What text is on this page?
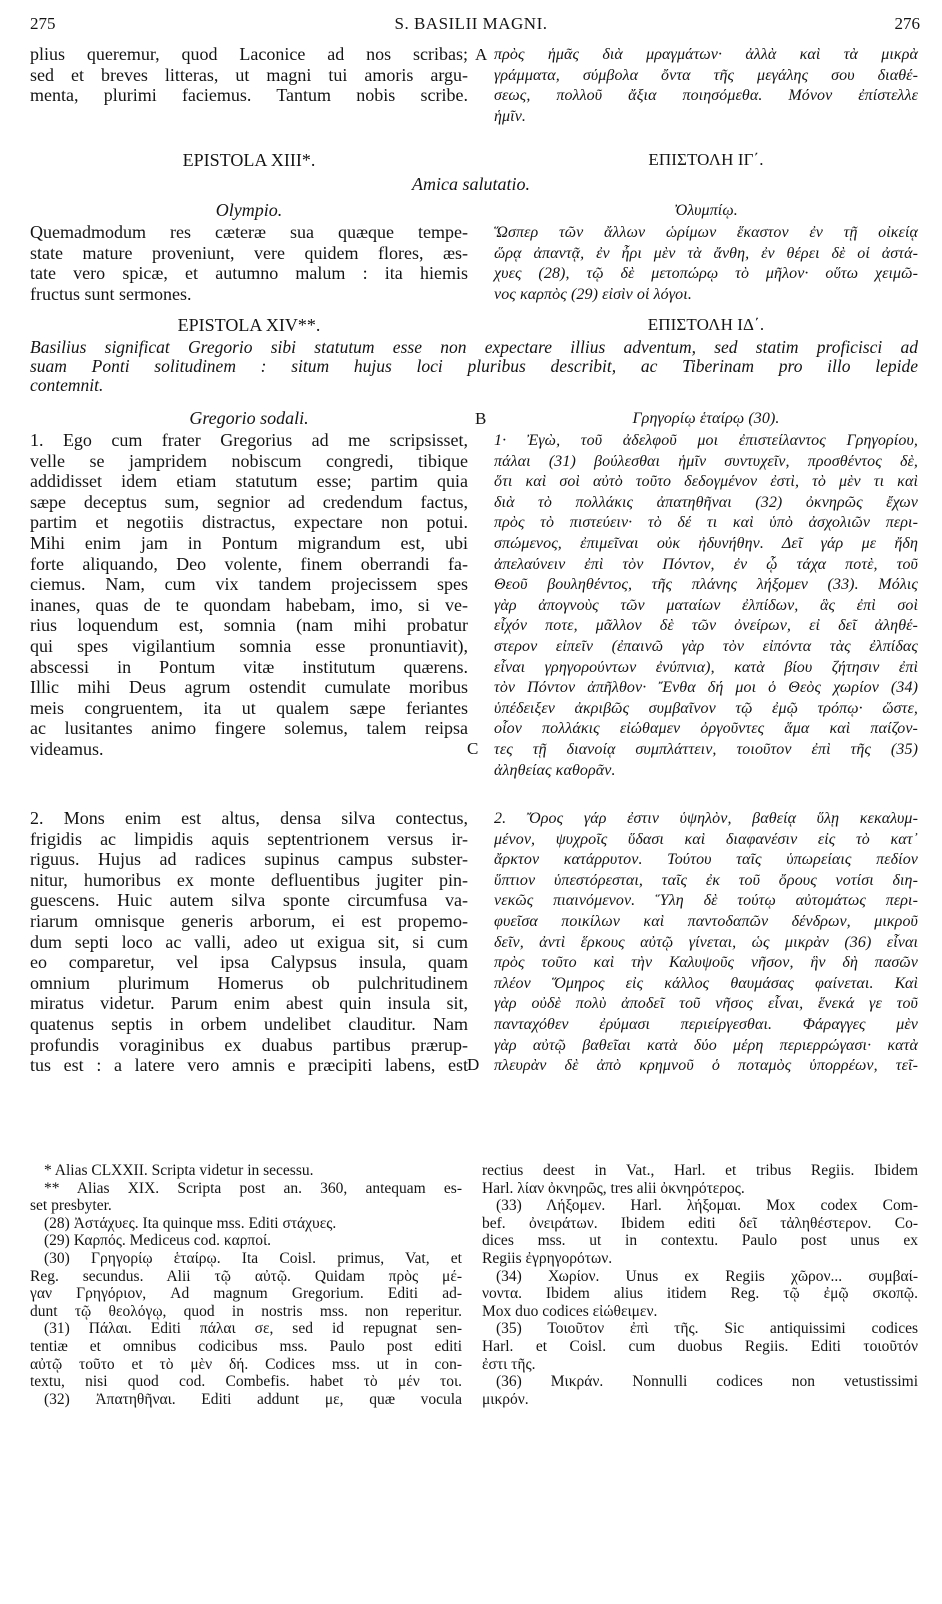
275	S. BASILII MAGNI.	276
plius queremur, quod Laconice ad nos scribas;
sed et breves litteras, ut magni tui amoris argu-
menta, plurimi faciemus. Tantum nobis scribe.
A πρὸς ἡμᾶς διὰ μραγμάτων· ἀλλὰ καὶ τὰ μικρὰ
γράμματα, σύμβολα ὄντα τῆς μεγάλης σου διαθέ-
σεως, πολλοῦ ἄξια ποιησόμεθα. Μόνον ἐπίστελλε
ἡμῖν.
EPISTOLA XIII*.	ΕΠΙΣΤΟΛΗ ΙΓ΄.
Amica salutatio.
Olympio.	Ὀλυμπίῳ.
Quemadmodum res cæteræ sua quæque tempe-
state mature proveniunt, vere quidem flores, æs-
tate vero spicæ, et autumno malum : ita hiemis
fructus sunt sermones.
Ὥσπερ τῶν ἄλλων ὡρίμων ἕκαστον ἐν τῇ οἰκείᾳ
ὥρᾳ ἀπαντᾷ, ἐν ἦρι μὲν τὰ ἄνθη, ἐν θέρει δὲ οἱ ἀστά-
χυες (28), τῷ δὲ μετοπώρῳ τὸ μῆλον· οὕτω χειμῶ-
νος καρπὸς (29) εἰσὶν οἱ λόγοι.
EPISTOLA XIV**.	ΕΠΙΣΤΟΛΗ ΙΔ΄.
Basilius significat Gregorio sibi statutum esse non expectare illius adventum, sed statim proficisci ad
suam Ponti solitudinem : situm hujus loci pluribus describit, ac Tiberinam pro illo lepide
contemnit.
Gregorio sodali.	B	Γρηγορίῳ ἑταίρῳ (30).
1. Ego cum frater Gregorius ad me scripsisset,
velle se jampridem nobiscum congredi, tibique
addidisset idem etiam statutum esse; partim quia
sæpe deceptus sum, segnior ad credendum factus,
partim et negotiis distractus, expectare non potui.
Mihi enim jam in Pontum migrandum est, ubi
forte aliquando, Deo volente, finem oberrandi fa-
ciemus. Nam, cum vix tandem projecissem spes
inanes, quas de te quondam habebam, imo, si ve-
rius loquendum est, somnia (nam mihi probatur
qui spes vigilantium somnia esse pronuntiavit),
abscessi in Pontum vitæ institutum quærens.
Illic mihi Deus agrum ostendit cumulate moribus
meis congruentem, ita ut qualem sæpe feriantes
ac lusitantes animo fingere solemus, talem reipsa
videamus.	C
1· Ἐγὼ, τοῦ ἀδελφοῦ μοι ἐπιστείλαντος Γρηγορίου,
πάλαι (31) βούλεσθαι ἡμῖν συντυχεῖν, προσθέντος δὲ,
ὅτι καὶ σοὶ αὐτὸ τοῦτο δεδογμένον ἐστὶ, τὸ μὲν τι καὶ
διὰ τὸ πολλάκις ἀπατηθῆναι (32) ὀκνηρῶς ἔχων
πρὸς τὸ πιστεύειν· τὸ δέ τι καὶ ὑπὸ ἀσχολιῶν περι-
σπώμενος, ἐπιμεῖναι οὐκ ἠδυνήθην. Δεῖ γάρ με ἤδη
ἀπελαύνειν ἐπὶ τὸν Πόντον, ἐν ᾧ τάχα ποτὲ, τοῦ
Θεοῦ βουληθέντος, τῆς πλάνης λήξομεν (33). Μόλις
γὰρ ἀπογνοὺς τῶν ματαίων ἐλπίδων, ἃς ἐπὶ σοὶ
εἶχόν ποτε, μᾶλλον δὲ τῶν ὀνείρων, εἰ δεῖ ἀληθέ-
στερον εἰπεῖν (ἐπαινῶ γὰρ τὸν εἰπόντα τὰς ἐλπίδας
εἶναι γρηγορούντων ἐνύπνια), κατὰ βίου ζήτησιν ἐπὶ
τὸν Πόντον ἀπῆλθον· Ἔνθα δή μοι ὁ Θεὸς χωρίον (34)
ὑπέδειξεν ἀκριβῶς συμβαῖνον τῷ ἐμῷ τρόπῳ· ὥστε,
οἷον πολλάκις εἰώθαμεν ὀργοῦντες ἅμα καὶ παίζον-
τες τῇ διανοίᾳ συμπλάττειν, τοιοῦτον ἐπὶ τῆς (35)
ἀληθείας καθορᾶν.
2. Mons enim est altus, densa silva contectus,
frigidis ac limpidis aquis septentrionem versus ir-
riguus. Hujus ad radices supinus campus subster-
nitur, humoribus ex monte defluentibus jugiter pin-
guescens. Huic autem silva sponte circumfusa va-
riarum omnisque generis arborum, ei est propemo-
dum septi loco ac valli, adeo ut exigua sit, si cum
eo comparetur, vel ipsa Calypsus insula, quam
omnium plurimum Homerus ob pulchritudinem
miratus videtur. Parum enim abest quin insula sit,
quatenus septis in orbem undelibet clauditur. Nam
profundis voraginibus ex duabus partibus prærup-
tus est : a latere vero amnis e præcipiti labens, est D
2. Ὄρος γάρ ἐστιν ὑψηλὸν, βαθείᾳ ὕλῃ κεκαλυμ-
μένον, ψυχροῖς ὕδασι καὶ διαφανέσιν εἰς τὸ κατ᾽
ἄρκτον κατάρρυτον. Τούτου ταῖς ὑπωρείαις πεδίον
ὕπτιον ὑπεστόρεσται, ταῖς ἐκ τοῦ ὄρους νοτίσι διη-
νεκῶς πιαινόμενον. Ὕλη δὲ τούτῳ αὐτομάτως περι-
φυεῖσα ποικίλων καὶ παντοδαπῶν δένδρων, μικροῦ
δεῖν, ἀντὶ ἕρκους αὐτῷ γίνεται, ὡς μικρὰν (36) εἶναι
πρὸς τοῦτο καὶ τὴν Καλυψοῦς νῆσον, ἣν δὴ πασῶν
πλέον Ὅμηρος εἰς κάλλος θαυμάσας φαίνεται. Καὶ
γὰρ οὐδὲ πολὺ ἀποδεῖ τοῦ νῆσος εἶναι, ἕνεκά γε τοῦ
πανταχόθεν ἐρύμασι περιείργεσθαι. Φάραγγες μὲν
γὰρ αὐτῷ βαθεῖαι κατὰ δύο μέρη περιερρώγασι· κατὰ
πλευρὰν δὲ ἀπὸ κρημνοῦ ὁ ποταμὸς ὑπορρέων, τεῖ-

* Alias CLXXII. Scripta videtur in secessu.

** Alias XIX. Scripta post an. 360, antequam es-

set presbyter.

(28) Ἀστάχυες. Ita quinque mss. Editi στάχυες.

(29) Καρπός. Mediceus cod. καρποί.

(30) Γρηγορίῳ ἑταίρῳ. Ita Coisl. primus, Vat, et

Reg. secundus. Alii τῷ αὐτῷ. Quidam πρὸς μέ-

γαν Γρηγόριον, Ad magnum Gregorium. Editi ad-

dunt τῷ θεολόγῳ, quod in nostris mss. non reperitur.

(31) Πάλαι. Editi πάλαι σε, sed id repugnat sen-

tentiæ et omnibus codicibus mss. Paulo post editi

αὐτῷ τοῦτο et τὸ μὲν δή. Codices mss. ut in con-

textu, nisi quod cod. Combefis. habet τὸ μέν τοι.

(32) Ἀπατηθῆναι. Editi addunt με, quæ vocula

rectius deest in Vat., Harl. et tribus Regiis. Ibidem

Harl. λίαν ὀκνηρῶς, tres alii ὀκνηρότερος.

(33) Λήξομεν. Harl. λήξομαι. Mox codex Com-

bef. ὀνειράτων. Ibidem editi δεῖ τἀληθέστερον. Co-

dices mss. ut in contextu. Paulo post unus ex

Regiis ἐγρηγορότων.

(34) Χωρίον. Unus ex Regiis χῶρον... συμβαί-

νοντα. Ibidem alius itidem Reg. τῷ ἐμῷ σκοπῷ.

Mox duo codices εἰώθειμεν.

(35) Τοιοῦτον ἐπὶ τῆς. Sic antiquissimi codices

Harl. et Coisl. cum duobus Regiis. Editi τοιοῦτόν

ἐστι τῆς.

(36) Μικράν. Nonnulli codices non vetustissimi

μικρόν.
